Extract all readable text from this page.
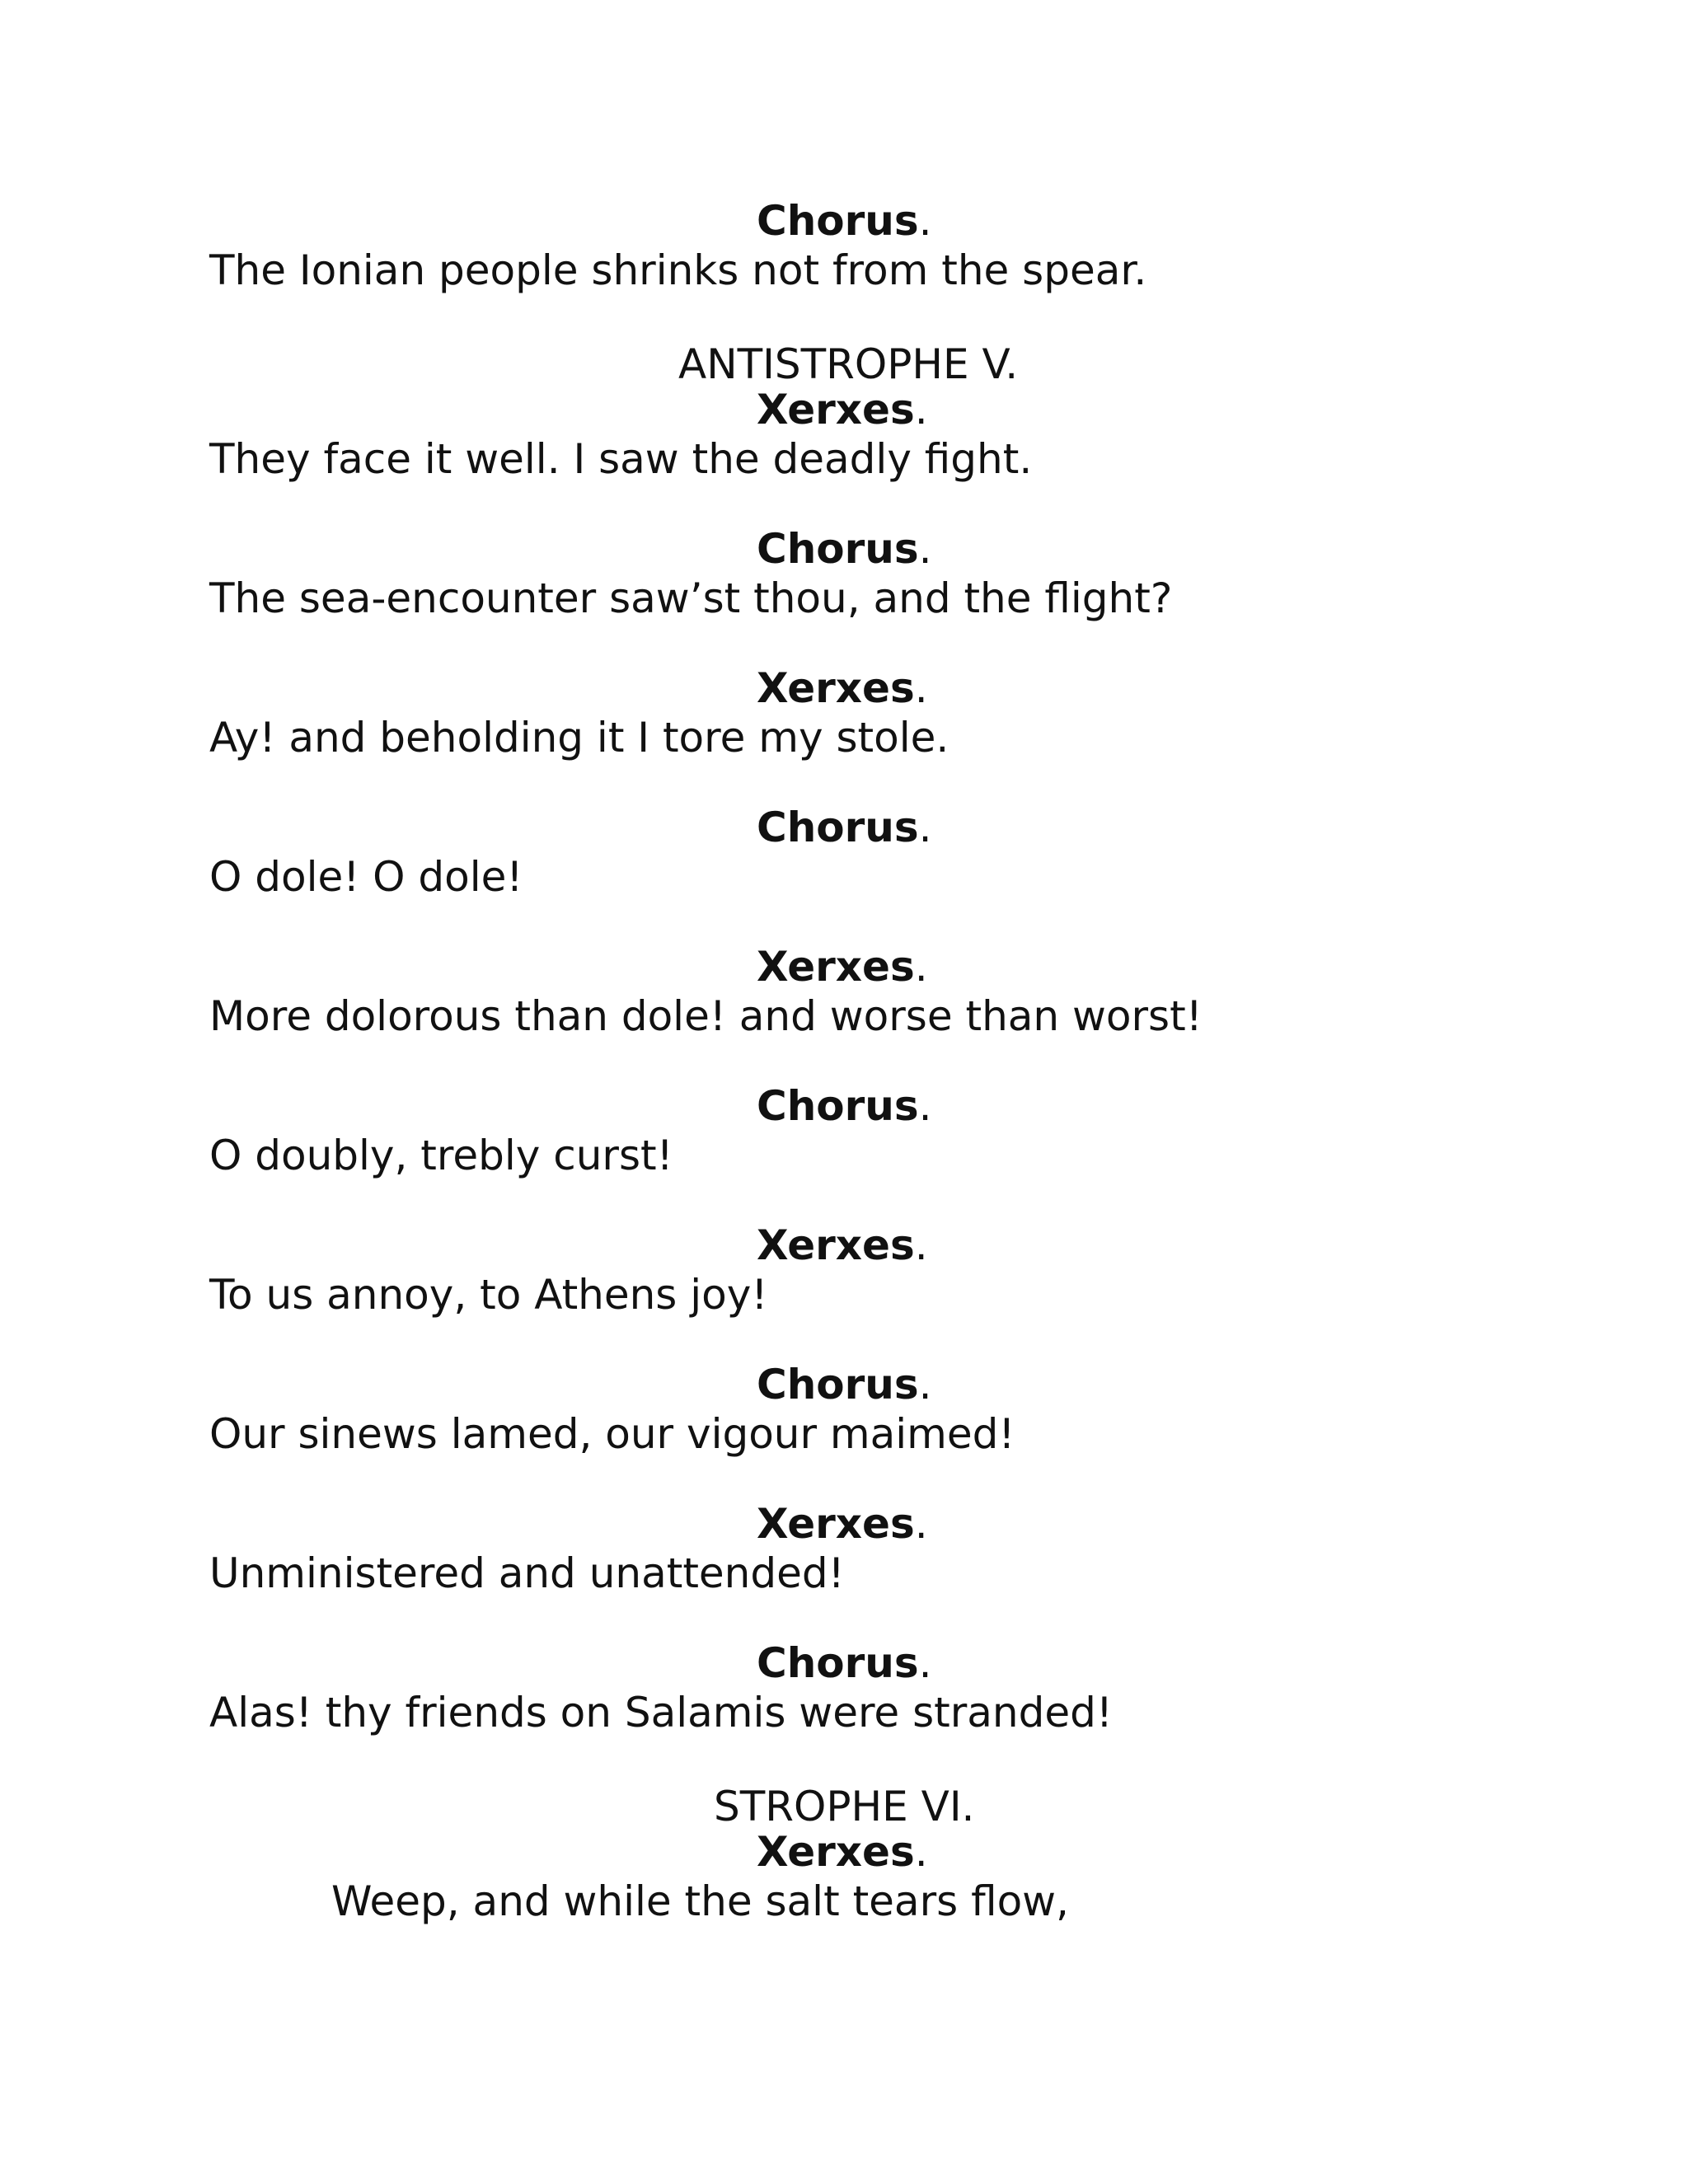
Chorus.
The Ionian people shrinks not from the spear.
ANTISTROPHE V.
Xerxes.
They face it well. I saw the deadly fight.
Chorus.
The sea-encounter saw’st thou, and the flight?
Xerxes.
Ay! and beholding it I tore my stole.
Chorus.
O dole! O dole!
Xerxes.
More dolorous than dole! and worse than worst!
Chorus.
O doubly, trebly curst!
Xerxes.
To us annoy, to Athens joy!
Chorus.
Our sinews lamed, our vigour maimed!
Xerxes.
Unministered and unattended!
Chorus.
Alas! thy friends on Salamis were stranded!
STROPHE VI.
Xerxes.
Weep, and while the salt tears flow,
